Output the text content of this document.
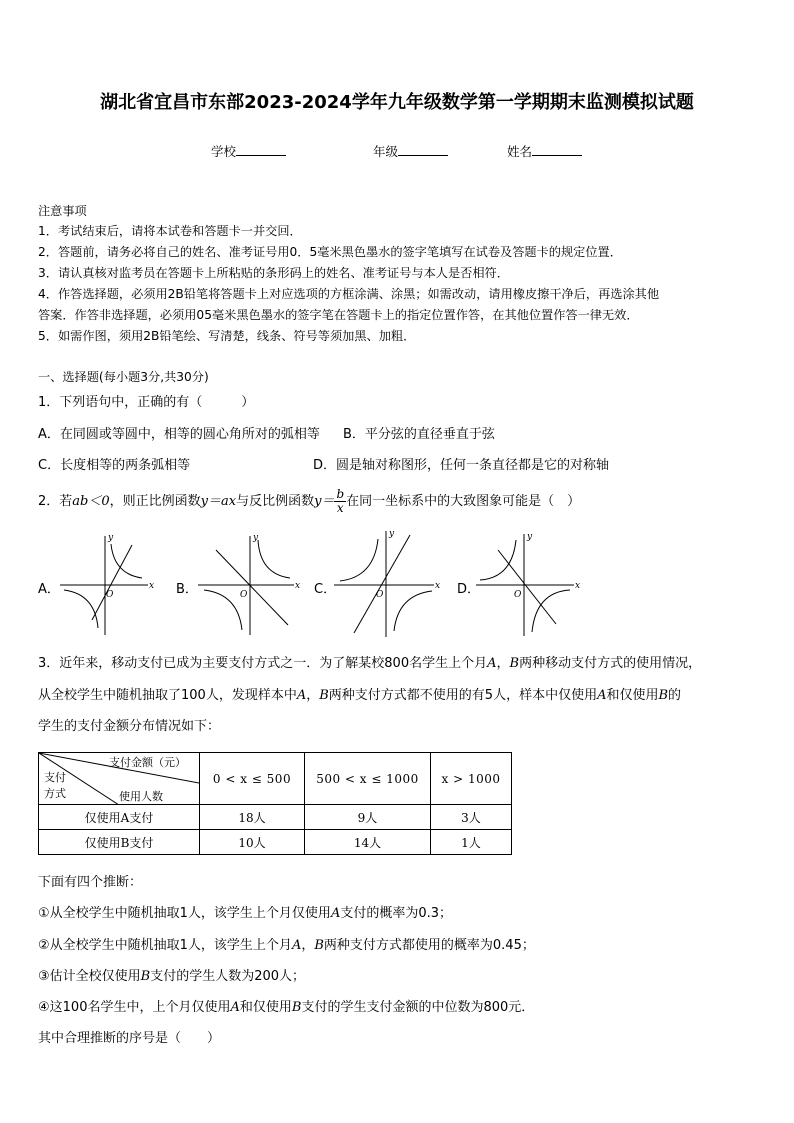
湖北省宜昌市东部2023-2024学年九年级数学第一学期期末监测模拟试题
学校	年级	姓名
注意事项
1．考试结束后，请将本试卷和答题卡一并交回．
2．答题前，请务必将自己的姓名、准考证号用0．5毫米黑色墨水的签字笔填写在试卷及答题卡的规定位置．
3．请认真核对监考员在答题卡上所粘贴的条形码上的姓名、准考证号与本人是否相符．
4．作答选择题，必须用2B铅笔将答题卡上对应选项的方框涂满、涂黑；如需改动，请用橡皮擦干净后，再选涂其他
答案．作答非选择题，必须用05毫米黑色墨水的签字笔在答题卡上的指定位置作答，在其他位置作答一律无效．
5．如需作图，须用2B铅笔绘、写清楚，线条、符号等须加黑、加粗．
一、选择题(每小题3分,共30分)
1．下列语句中，正确的有（　　　）
A．在同圆或等圆中，相等的圆心角所对的弧相等 B．平分弦的直径垂直于弦
C．长度相等的两条弧相等	D．圆是轴对称图形，任何一条直径都是它的对称轴
2．若ab＜0，则正比例函数y＝ax与反比例函数$y= \frac{b}{x}$ 在同一坐标系中的大致图象可能是（　）
A．	B．	C．	D．
y
x
O
y
x
O
y
x
O
y
x
O
3．近年来，移动支付已成为主要支付方式之一．为了解某校800名学生上个月A，B两种移动支付方式的使用情况，
从全校学生中随机抽取了100人，发现样本中A，B两种支付方式都不使用的有5人，样本中仅使用A和仅使用B的
学生的支付金额分布情况如下：
支付金额（元）
支付
方式 使用人数	0 < x ≤ 500	500 < x ≤ 1000	x > 1000
仅使用A支付	18人	9人	3人
仅使用B支付	10人	14人	1人
下面有四个推断：
①从全校学生中随机抽取1人，该学生上个月仅使用A支付的概率为0.3；
②从全校学生中随机抽取1人，该学生上个月A，B两种支付方式都使用的概率为0.45；
③估计全校仅使用B支付的学生人数为200人；
④这100名学生中，上个月仅使用A和仅使用B支付的学生支付金额的中位数为800元．
其中合理推断的序号是（　　）
